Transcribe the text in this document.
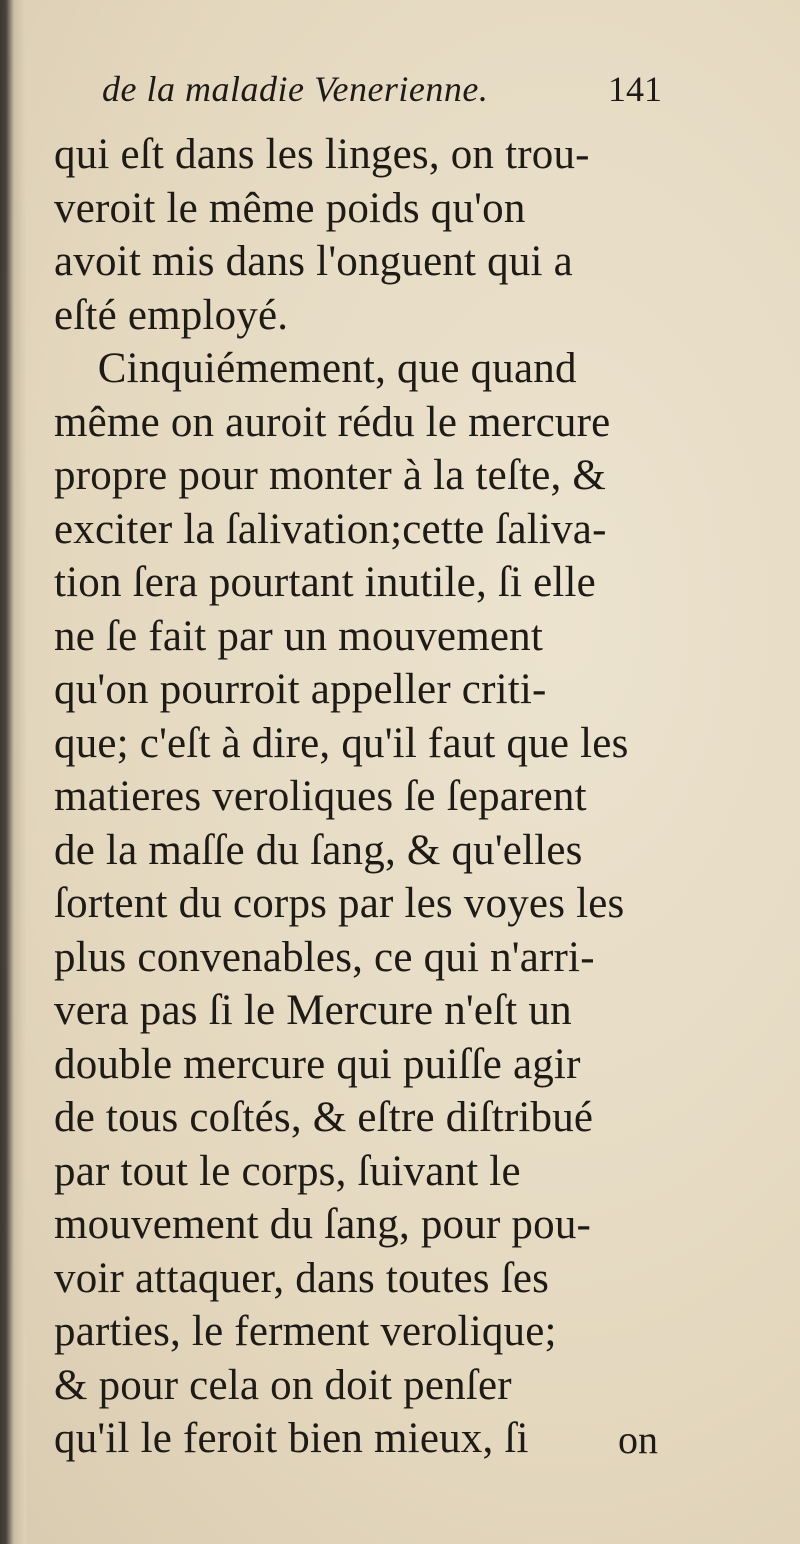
de la maladie Venerienne.	141
qui eſt dans les linges, on trou-
veroit le même poids qu'on
avoit mis dans l'onguent qui a
eſté employé.
Cinquiémement, que quand
même on auroit rédu le mercure
propre pour monter à la teſte, &
exciter la ſalivation;cette ſaliva-
tion ſera pourtant inutile, ſi elle
ne ſe fait par un mouvement
qu'on pourroit appeller criti-
que; c'eſt à dire, qu'il faut que les
matieres veroliques ſe ſeparent
de la maſſe du ſang, & qu'elles
ſortent du corps par les voyes les
plus convenables, ce qui n'arri-
vera pas ſi le Mercure n'eſt un
double mercure qui puiſſe agir
de tous coſtés, & eſtre diſtribué
par tout le corps, ſuivant le
mouvement du ſang, pour pou-
voir attaquer, dans toutes ſes
parties, le ferment verolique;
& pour cela on doit penſer
qu'il le feroit bien mieux, ſi	on
